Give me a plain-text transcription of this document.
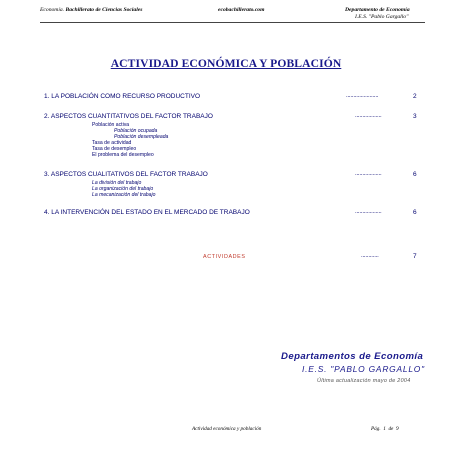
Economía. Bachillerato de Ciencias Sociales	ecobachillerato.com	Departamento de Economía
I.E.S. "Pablo Gargallo"
ACTIVIDAD ECONÓMICA Y POBLACIÓN
1. LA POBLACIÓN COMO RECURSO PRODUCTIVO	......................	2
2. ASPECTOS CUANTITATIVOS DEL FACTOR TRABAJO	..................	3
Población activa
Población ocupada
Población desempleada
Tasa de actividad
Tasa de desempleo
El problema del desempleo
3. ASPECTOS CUALITATIVOS DEL FACTOR TRABAJO	..................	6
La división del trabajo
La organización del trabajo
La mecanización del trabajo
4. LA INTERVENCIÓN DEL ESTADO EN EL MERCADO DE TRABAJO	..................	6
ACTIVIDADES	............	7
Departamentos de Economía
I.E.S. "PABLO GARGALLO"
Última actualización mayo de 2004
Actividad económica y población	Pág. 1 de 9
